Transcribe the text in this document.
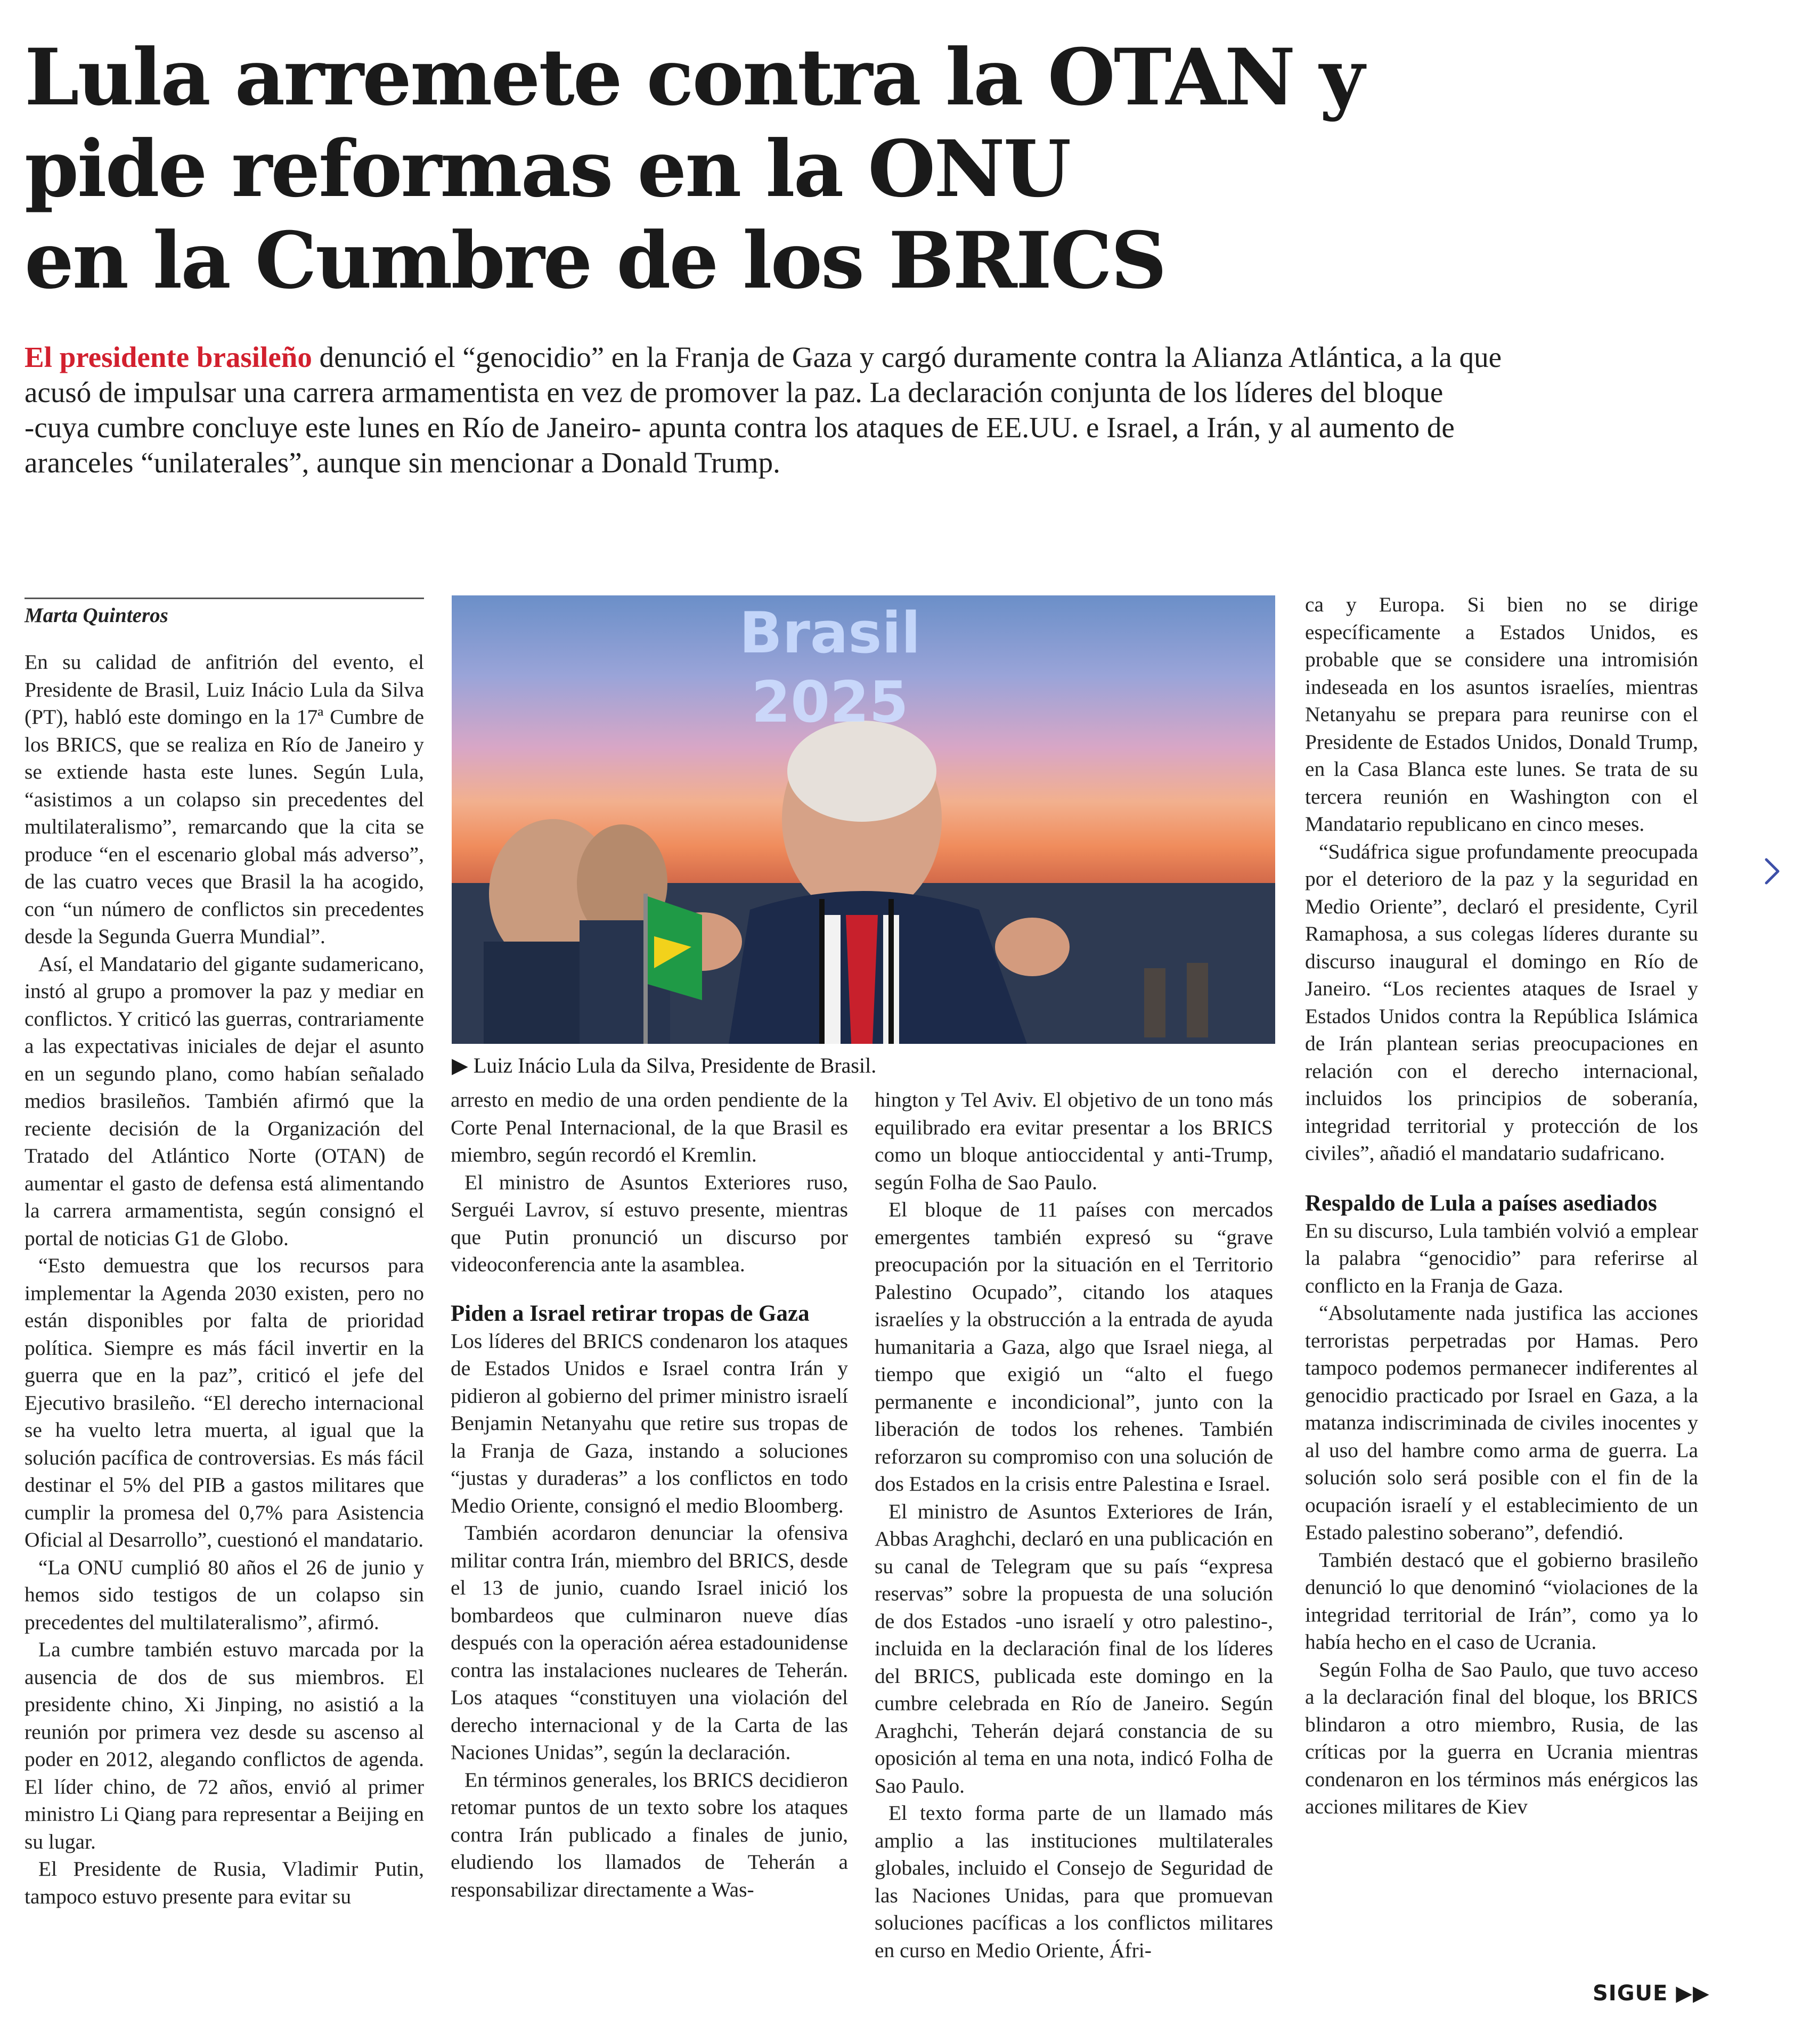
Lula arremete contra la OTAN y
pide reformas en la ONU
en la Cumbre de los BRICS
El presidente brasileño denunció el “genocidio” en la Franja de Gaza y cargó duramente contra la Alianza Atlántica, a la que
acusó de impulsar una carrera armamentista en vez de promover la paz. La declaración conjunta de los líderes del bloque
-cuya cumbre concluye este lunes en Río de Janeiro- apunta contra los ataques de EE.UU. e Israel, a Irán, y al aumento de
aranceles “unilaterales”, aunque sin mencionar a Donald Trump.
Marta Quinteros

En su calidad de anfitrión del evento, el Presidente de Brasil, Luiz Inácio Lula da Silva (PT), habló este domingo en la 17ª Cumbre de los BRICS, que se realiza en Río de Janeiro y se extiende hasta este lunes. Según Lula, “asistimos a un colapso sin precedentes del multilateralismo”, remarcando que la cita se produce “en el escenario global más adverso”, de las cuatro veces que Brasil la ha acogido, con “un número de conflictos sin precedentes desde la Segunda Guerra Mundial”.

Así, el Mandatario del gigante sudamericano, instó al grupo a promover la paz y mediar en conflictos. Y criticó las guerras, contrariamente a las expectativas iniciales de dejar el asunto en un segundo plano, como habían señalado medios brasileños. También afirmó que la reciente decisión de la Organización del Tratado del Atlántico Norte (OTAN) de aumentar el gasto de defensa está alimentando la carrera armamentista, según consignó el portal de noticias G1 de Globo.

“Esto demuestra que los recursos para implementar la Agenda 2030 existen, pero no están disponibles por falta de prioridad política. Siempre es más fácil invertir en la guerra que en la paz”, criticó el jefe del Ejecutivo brasileño. “El derecho internacional se ha vuelto letra muerta, al igual que la solución pacífica de controversias. Es más fácil destinar el 5% del PIB a gastos militares que cumplir la promesa del 0,7% para Asistencia Oficial al Desarrollo”, cuestionó el mandatario.

“La ONU cumplió 80 años el 26 de junio y hemos sido testigos de un colapso sin precedentes del multilateralismo”, afirmó.

La cumbre también estuvo marcada por la ausencia de dos de sus miembros. El presidente chino, Xi Jinping, no asistió a la reunión por primera vez desde su ascenso al poder en 2012, alegando conflictos de agenda. El líder chino, de 72 años, envió al primer ministro Li Qiang para representar a Beijing en su lugar.

El Presidente de Rusia, Vladimir Putin, tampoco estuvo presente para evitar su

Brasil 2025
▶ Luiz Inácio Lula da Silva, Presidente de Brasil.

arresto en medio de una orden pendiente de la Corte Penal Internacional, de la que Brasil es miembro, según recordó el Kremlin.

El ministro de Asuntos Exteriores ruso, Serguéi Lavrov, sí estuvo presente, mientras que Putin pronunció un discurso por videoconferencia ante la asamblea.

Piden a Israel retirar tropas de Gaza

Los líderes del BRICS condenaron los ataques de Estados Unidos e Israel contra Irán y pidieron al gobierno del primer ministro israelí Benjamin Netanyahu que retire sus tropas de la Franja de Gaza, instando a soluciones “justas y duraderas” a los conflictos en todo Medio Oriente, consignó el medio Bloomberg.

También acordaron denunciar la ofensiva militar contra Irán, miembro del BRICS, desde el 13 de junio, cuando Israel inició los bombardeos que culminaron nueve días después con la operación aérea estadounidense contra las instalaciones nucleares de Teherán. Los ataques “constituyen una violación del derecho internacional y de la Carta de las Naciones Unidas”, según la declaración.

En términos generales, los BRICS decidieron retomar puntos de un texto sobre los ataques contra Irán publicado a finales de junio, eludiendo los llamados de Teherán a responsabilizar directamente a Was-

hington y Tel Aviv. El objetivo de un tono más equilibrado era evitar presentar a los BRICS como un bloque antioccidental y anti-Trump, según Folha de Sao Paulo.

El bloque de 11 países con mercados emergentes también expresó su “grave preocupación por la situación en el Territorio Palestino Ocupado”, citando los ataques israelíes y la obstrucción a la entrada de ayuda humanitaria a Gaza, algo que Israel niega, al tiempo que exigió un “alto el fuego permanente e incondicional”, junto con la liberación de todos los rehenes. También reforzaron su compromiso con una solución de dos Estados en la crisis entre Palestina e Israel.

El ministro de Asuntos Exteriores de Irán, Abbas Araghchi, declaró en una publicación en su canal de Telegram que su país “expresa reservas” sobre la propuesta de una solución de dos Estados -uno israelí y otro palestino-, incluida en la declaración final de los líderes del BRICS, publicada este domingo en la cumbre celebrada en Río de Janeiro. Según Araghchi, Teherán dejará constancia de su oposición al tema en una nota, indicó Folha de Sao Paulo.

El texto forma parte de un llamado más amplio a las instituciones multilaterales globales, incluido el Consejo de Seguridad de las Naciones Unidas, para que promuevan soluciones pacíficas a los conflictos militares en curso en Medio Oriente, Áfri-

ca y Europa. Si bien no se dirige específicamente a Estados Unidos, es probable que se considere una intromisión indeseada en los asuntos israelíes, mientras Netanyahu se prepara para reunirse con el Presidente de Estados Unidos, Donald Trump, en la Casa Blanca este lunes. Se trata de su tercera reunión en Washington con el Mandatario republicano en cinco meses.

“Sudáfrica sigue profundamente preocupada por el deterioro de la paz y la seguridad en Medio Oriente”, declaró el presidente, Cyril Ramaphosa, a sus colegas líderes durante su discurso inaugural el domingo en Río de Janeiro. “Los recientes ataques de Israel y Estados Unidos contra la República Islámica de Irán plantean serias preocupaciones en relación con el derecho internacional, incluidos los principios de soberanía, integridad territorial y protección de los civiles”, añadió el mandatario sudafricano.

Respaldo de Lula a países asediados

En su discurso, Lula también volvió a emplear la palabra “genocidio” para referirse al conflicto en la Franja de Gaza.

“Absolutamente nada justifica las acciones terroristas perpetradas por Hamas. Pero tampoco podemos permanecer indiferentes al genocidio practicado por Israel en Gaza, a la matanza indiscriminada de civiles inocentes y al uso del hambre como arma de guerra. La solución solo será posible con el fin de la ocupación israelí y el establecimiento de un Estado palestino soberano”, defendió.

También destacó que el gobierno brasileño denunció lo que denominó “violaciones de la integridad territorial de Irán”, como ya lo había hecho en el caso de Ucrania.

Según Folha de Sao Paulo, que tuvo acceso a la declaración final del bloque, los BRICS blindaron a otro miembro, Rusia, de las críticas por la guerra en Ucrania mientras condenaron en los términos más enérgicos las acciones militares de Kiev

SIGUE ▶▶
